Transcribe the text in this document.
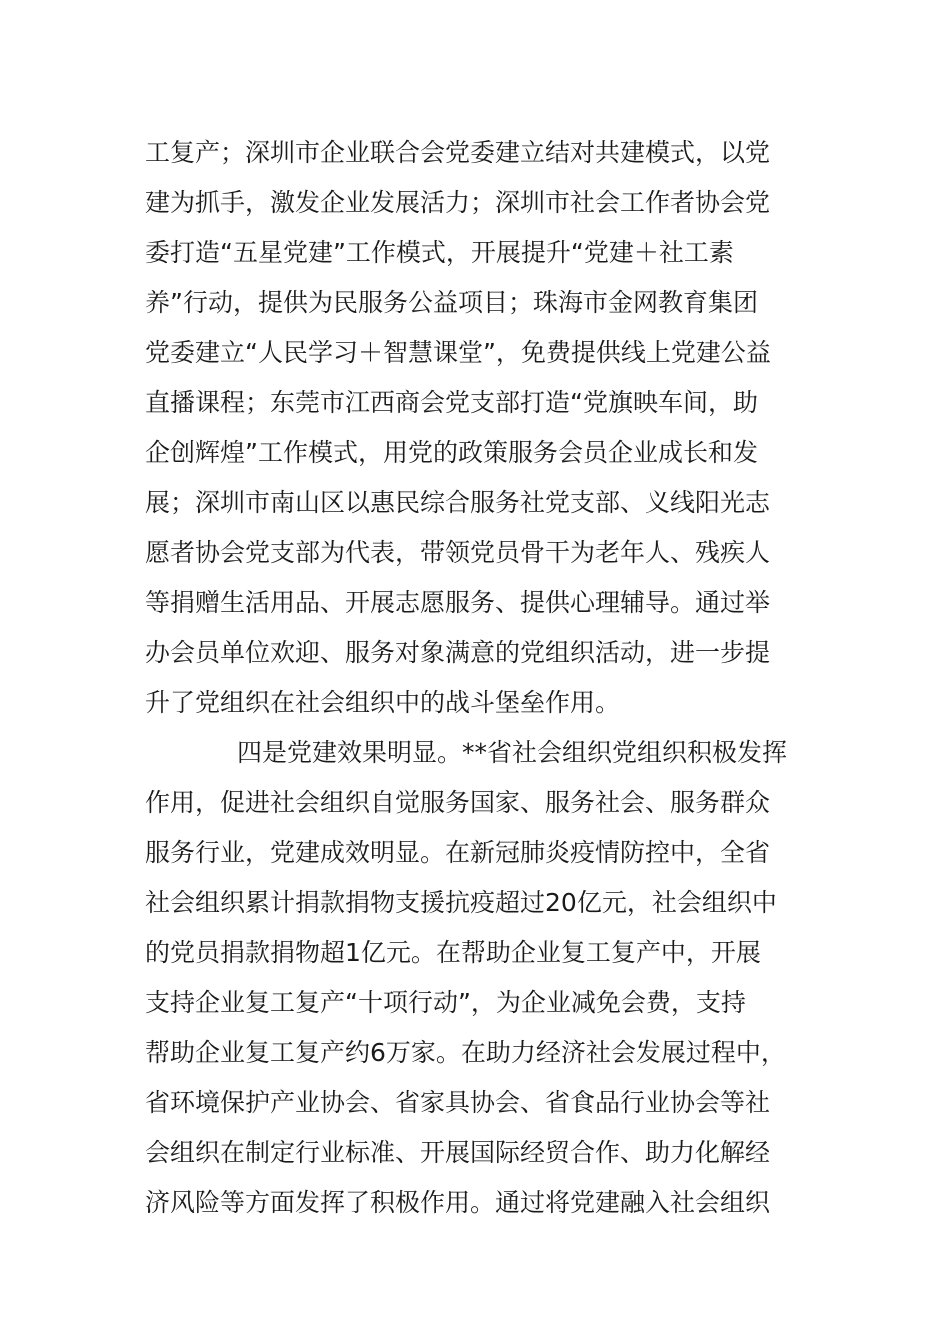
工复产；深圳市企业联合会党委建立结对共建模式，以党
建为抓手，激发企业发展活力；深圳市社会工作者协会党
委打造“五星党建”工作模式，开展提升“党建＋社工素
养”行动，提供为民服务公益项目；珠海市金网教育集团
党委建立“人民学习＋智慧课堂”，免费提供线上党建公益
直播课程；东莞市江西商会党支部打造“党旗映车间，助
企创辉煌”工作模式，用党的政策服务会员企业成长和发
展；深圳市南山区以惠民综合服务社党支部、义线阳光志
愿者协会党支部为代表，带领党员骨干为老年人、残疾人
等捐赠生活用品、开展志愿服务、提供心理辅导。通过举
办会员单位欢迎、服务对象满意的党组织活动，进一步提
升了党组织在社会组织中的战斗堡垒作用。
四是党建效果明显。**省社会组织党组织积极发挥
作用，促进社会组织自觉服务国家、服务社会、服务群众
服务行业，党建成效明显。在新冠肺炎疫情防控中，全省
社会组织累计捐款捐物支援抗疫超过20亿元，社会组织中
的党员捐款捐物超1亿元。在帮助企业复工复产中，开展
支持企业复工复产“十项行动”，为企业减免会费，支持
帮助企业复工复产约6万家。在助力经济社会发展过程中，
省环境保护产业协会、省家具协会、省食品行业协会等社
会组织在制定行业标准、开展国际经贸合作、助力化解经
济风险等方面发挥了积极作用。通过将党建融入社会组织
